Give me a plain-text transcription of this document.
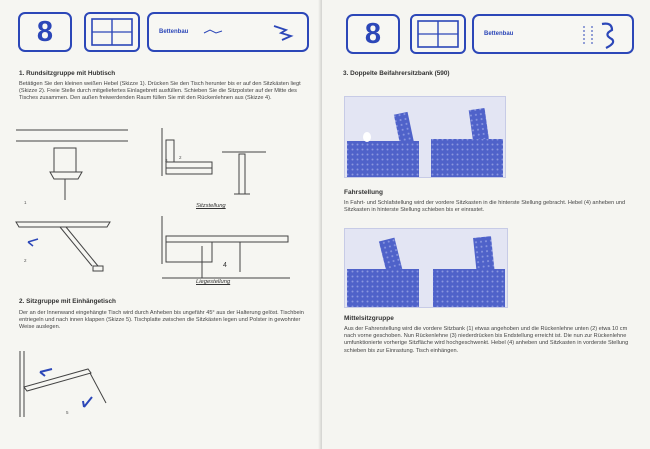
8	Bettenbau
1. Rundsitzgruppe mit Hubtisch

Betätigen Sie den kleinen weißen Hebel (Skizze 1). Drücken Sie den Tisch herunter bis er auf den Sitzkästen liegt (Skizze 2). Freie Stelle durch mitgeliefertes Einlagebrett ausfüllen. Schieben Sie die Sitzpolster auf der Mitte des Tisches zusammen. Den außen freiwerdenden Raum füllen Sie mit den Rückenlehnen aus (Skizze 4).

Sitzstellung
Liegestellung
1
2
3
4
5
2
2. Sitzgruppe mit Einhängetisch

Der an der Innenwand eingehängte Tisch wird durch Anheben bis ungefähr 45° aus der Halterung gelöst. Tischbein entriegeln und nach innen klappen (Skizze 5). Tischplatte zwischen die Sitzkästen legen und Polster in gewohnter Weise auslegen.

8	Bettenbau
3. Doppelte Beifahrersitzbank (590)
Fahrstellung

In Fahrt- und Schlafstellung wird der vordere Sitzkasten in die hinterste Stellung gebracht. Hebel (4) anheben und Sitzkasten in hinterste Stellung schieben bis er einrastet.

Mittelsitzgruppe

Aus der Fahrerstellung wird die vordere Sitzbank (1) etwas angehoben und die Rückenlehne unten (2) etwa 10 cm nach vorne geschoben. Nun Rückenlehne (3) niederdrücken bis Endstellung erreicht ist. Die nun zur Rückenlehne umfunktionierte vorherige Sitzfläche wird hochgeschwenkt. Hebel (4) anheben und Sitzkasten in vorderste Stellung schieben bis zur Einrastung. Tisch einhängen.
